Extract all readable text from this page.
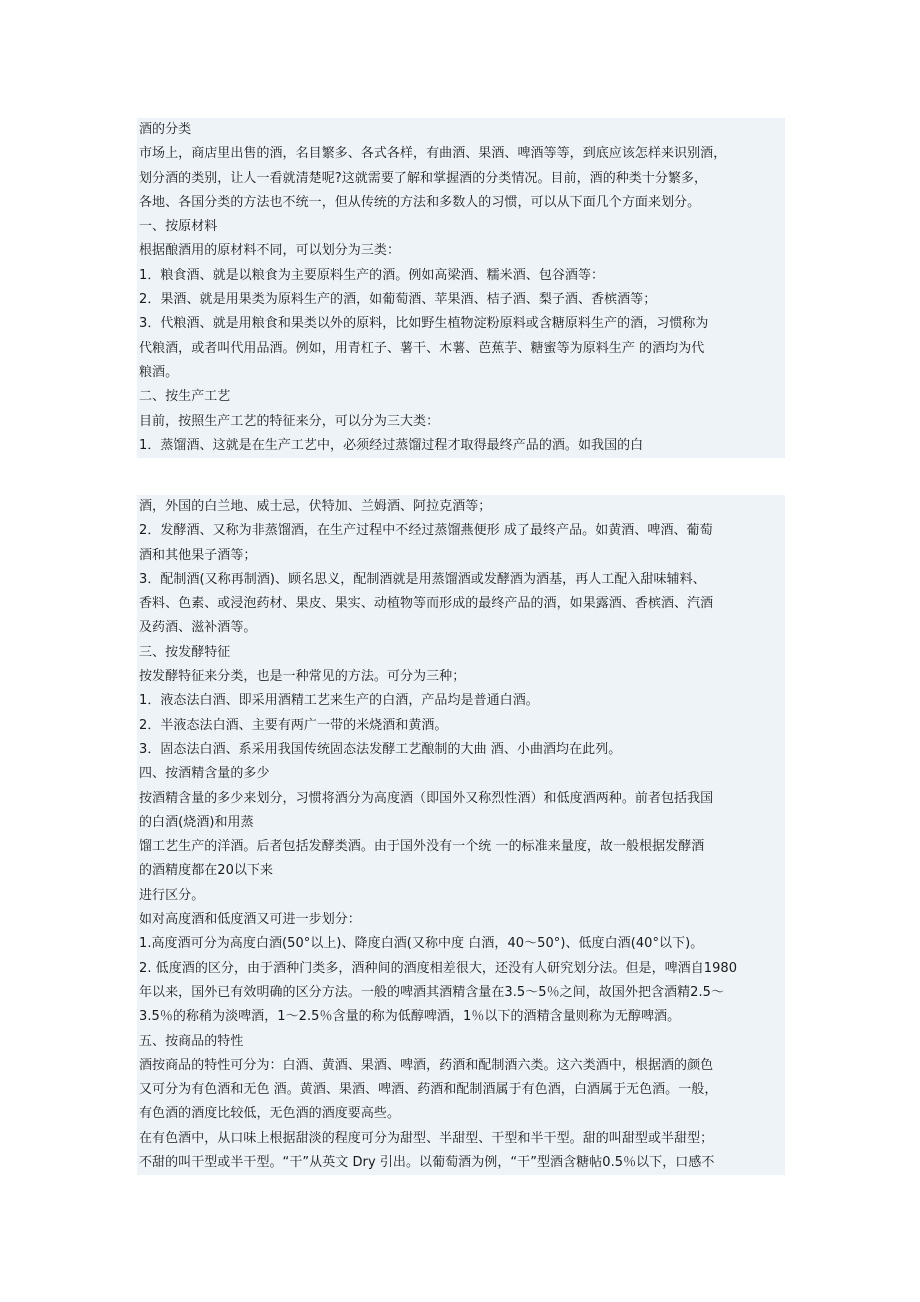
酒的分类

市场上，商店里出售的酒，名目繁多、各式各样，有曲酒、果酒、啤酒等等，到底应该怎样来识别酒，

划分酒的类别，让人一看就清楚呢?这就需要了解和掌握酒的分类情况。目前，酒的种类十分繁多，

各地、各国分类的方法也不统一，但从传统的方法和多数人的习惯，可以从下面几个方面来划分。

一、按原材料

根据酿酒用的原材料不同，可以划分为三类：

1．粮食酒、就是以粮食为主要原料生产的酒。例如高梁酒、糯米酒、包谷酒等：

2．果酒、就是用果类为原料生产的酒，如葡萄酒、苹果酒、桔子酒、梨子酒、香槟酒等；

3．代粮酒、就是用粮食和果类以外的原料，比如野生植物淀粉原料或含糖原料生产的酒，习惯称为

代粮酒，或者叫代用品酒。例如，用青杠子、薯干、木薯、芭蕉芋、糖蜜等为原料生产 的酒均为代

粮酒。

二、按生产工艺

目前，按照生产工艺的特征来分，可以分为三大类：

1．蒸馏酒、这就是在生产工艺中，必须经过蒸馏过程才取得最终产品的酒。如我国的白

酒，外国的白兰地、威士忌，伏特加、兰姆酒、阿拉克酒等；

2．发酵酒、又称为非蒸馏酒，在生产过程中不经过蒸馏燕便形 成了最终产品。如黄酒、啤酒、葡萄

酒和其他果子酒等；

3．配制酒(又称再制酒)、顾名思义，配制酒就是用蒸馏酒或发酵酒为酒基，再人工配入甜味辅料、

香料、色素、或浸泡药材、果皮、果实、动植物等而形成的最终产品的酒，如果露酒、香槟酒、汽酒

及药酒、滋补酒等。

三、按发酵特征

按发酵特征来分类，也是一种常见的方法。可分为三种；

1．液态法白酒、即采用酒精工艺来生产的白酒，产品均是普通白酒。

2．半液态法白酒、主要有两广一带的米烧酒和黄酒。

3．固态法白酒、系采用我国传统固态法发酵工艺酿制的大曲 酒、小曲酒均在此列。

四、按酒精含量的多少

按酒精含量的多少来划分，习惯将酒分为高度酒（即国外又称烈性酒）和低度酒两种。前者包括我国

的白酒(烧酒)和用蒸

馏工艺生产的洋酒。后者包括发酵类酒。由于国外没有一个统 一的标准来量度，故一般根据发酵酒

的酒精度都在20以下来

进行区分。

如对高度酒和低度酒又可进一步划分：

1.高度酒可分为高度白酒(50°以上)、降度白酒(又称中度 白酒，40～50°)、低度白酒(40°以下)。

2. 低度酒的区分，由于酒种门类多，酒种间的酒度相差很大，还没有人研究划分法。但是，啤酒自1980

年以来，国外已有效明确的区分方法。一般的啤酒其酒精含量在3.5～5％之间，故国外把含酒精2.5～

3.5％的称稍为淡啤酒，1～2.5％含量的称为低醇啤酒，1％以下的酒精含量则称为无醇啤酒。

五、按商品的特性

酒按商品的特性可分为：白酒、黄酒、果酒、啤酒，药酒和配制酒六类。这六类酒中，根据酒的颜色

又可分为有色酒和无色 酒。黄酒、果酒、啤酒、药酒和配制酒属于有色酒，白酒属于无色酒。一般，

有色酒的酒度比较低，无色酒的酒度要高些。

在有色酒中，从口味上根据甜淡的程度可分为甜型、半甜型、干型和半干型。甜的叫甜型或半甜型；

不甜的叫干型或半干型。“干”从英文 Dry 引出。以葡萄酒为例，“干”型酒含糖帖0.5％以下，口感不
